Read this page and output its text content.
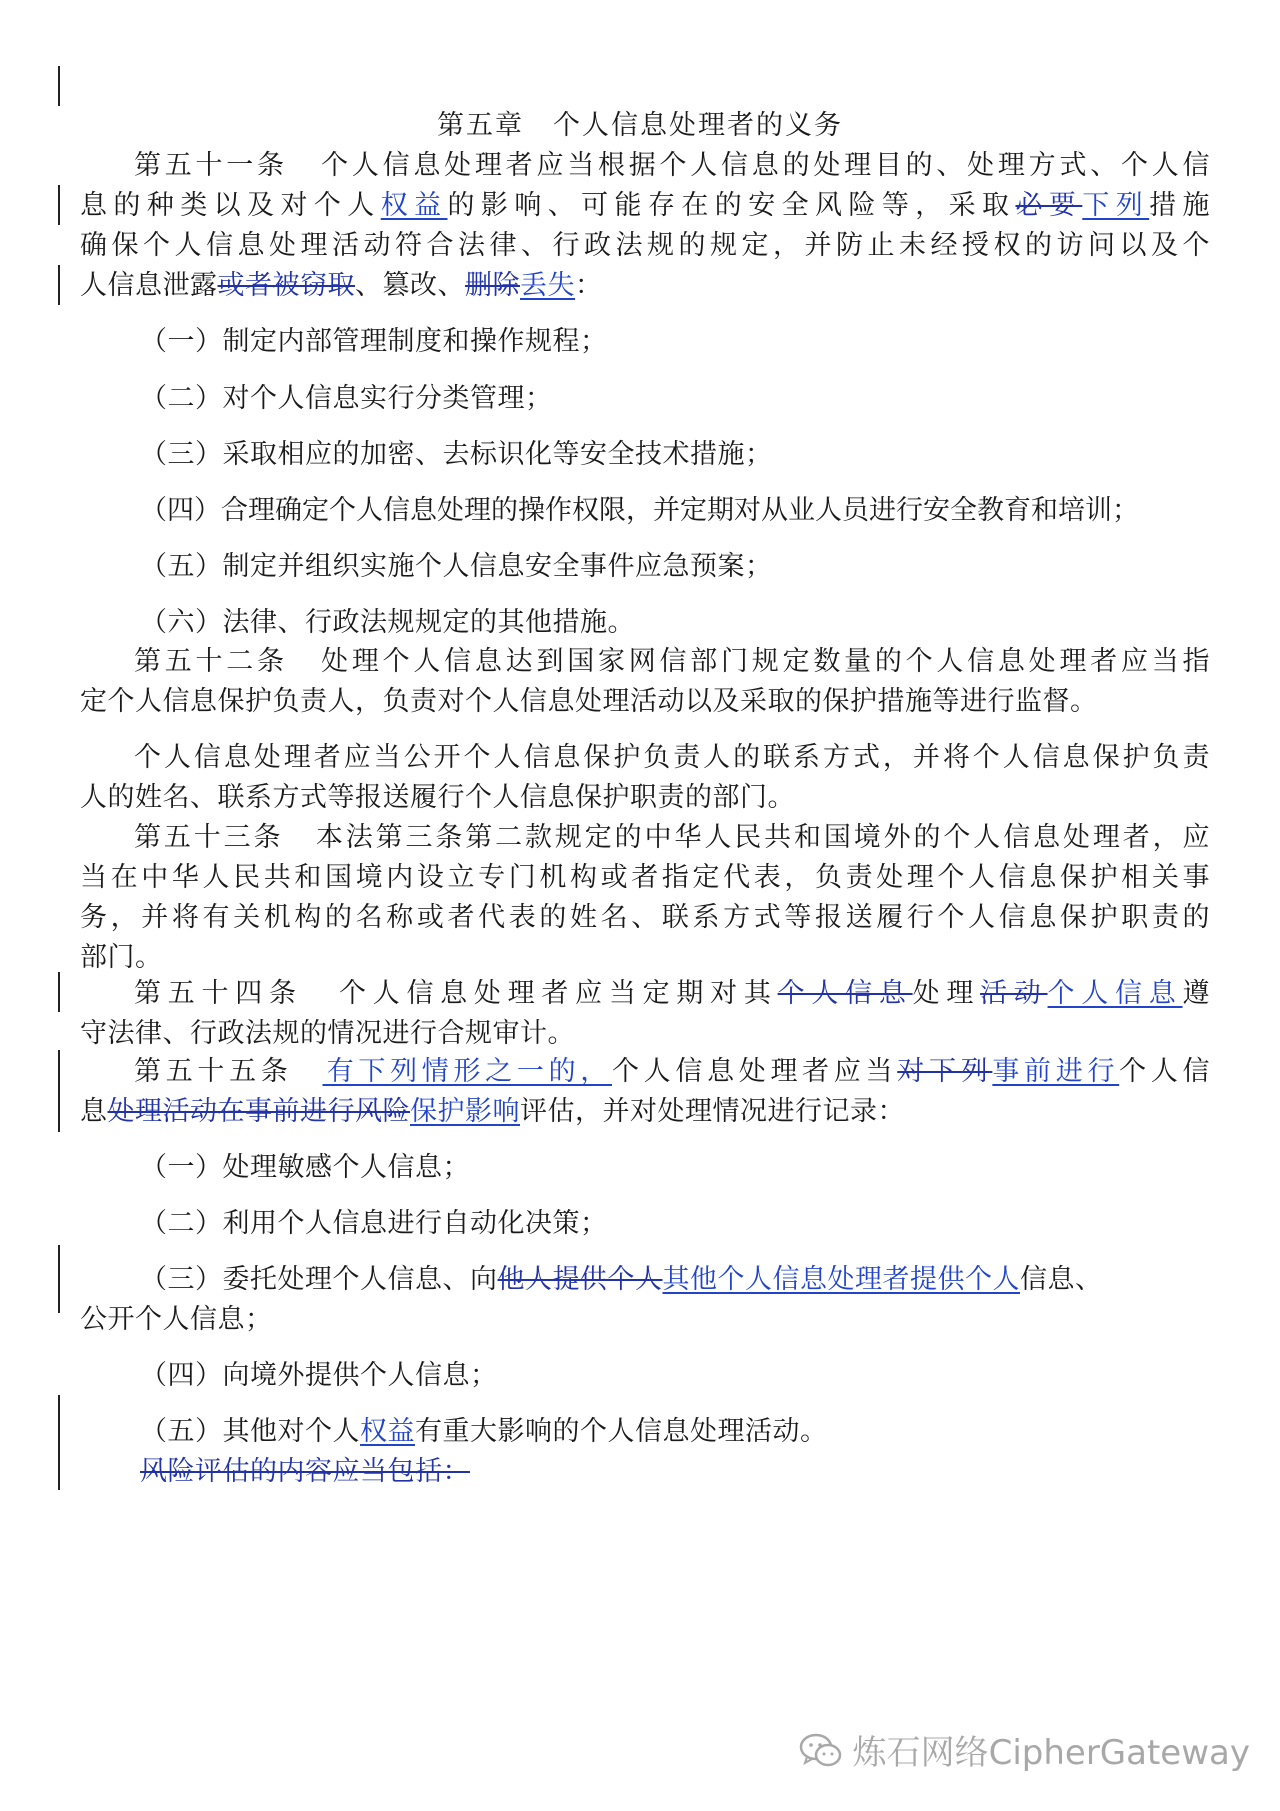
第五章　个人信息处理者的义务
第五十一条 个人信息处理者应当根据个人信息的处理目的、处理方式、个人信
息的种类以及对个人权益的影响、可能存在的安全风险等，采取必要下列措施
确保个人信息处理活动符合法律、行政法规的规定，并防止未经授权的访问以及个
人信息泄露或者被窃取、篡改、删除丢失：
（一）制定内部管理制度和操作规程；
（二）对个人信息实行分类管理；
（三）采取相应的加密、去标识化等安全技术措施；
（四）合理确定个人信息处理的操作权限，并定期对从业人员进行安全教育和培训；
（五）制定并组织实施个人信息安全事件应急预案；
（六）法律、行政法规规定的其他措施。
第五十二条 处理个人信息达到国家网信部门规定数量的个人信息处理者应当指
定个人信息保护负责人，负责对个人信息处理活动以及采取的保护措施等进行监督。
个人信息处理者应当公开个人信息保护负责人的联系方式，并将个人信息保护负责
人的姓名、联系方式等报送履行个人信息保护职责的部门。
第五十三条 本法第三条第二款规定的中华人民共和国境外的个人信息处理者，应
当在中华人民共和国境内设立专门机构或者指定代表，负责处理个人信息保护相关事
务，并将有关机构的名称或者代表的姓名、联系方式等报送履行个人信息保护职责的
部门。
第五十四条 个人信息处理者应当定期对其个人信息处理活动个人信息遵
守法律、行政法规的情况进行合规审计。
第五十五条 有下列情形之一的，个人信息处理者应当对下列事前进行个人信
息处理活动在事前进行风险保护影响评估，并对处理情况进行记录：
（一）处理敏感个人信息；
（二）利用个人信息进行自动化决策；
（三）委托处理个人信息、向他人提供个人其他个人信息处理者提供个人信息、
公开个人信息；
（四）向境外提供个人信息；
（五）其他对个人权益有重大影响的个人信息处理活动。
风险评估的内容应当包括：
炼石网络CipherGateway
